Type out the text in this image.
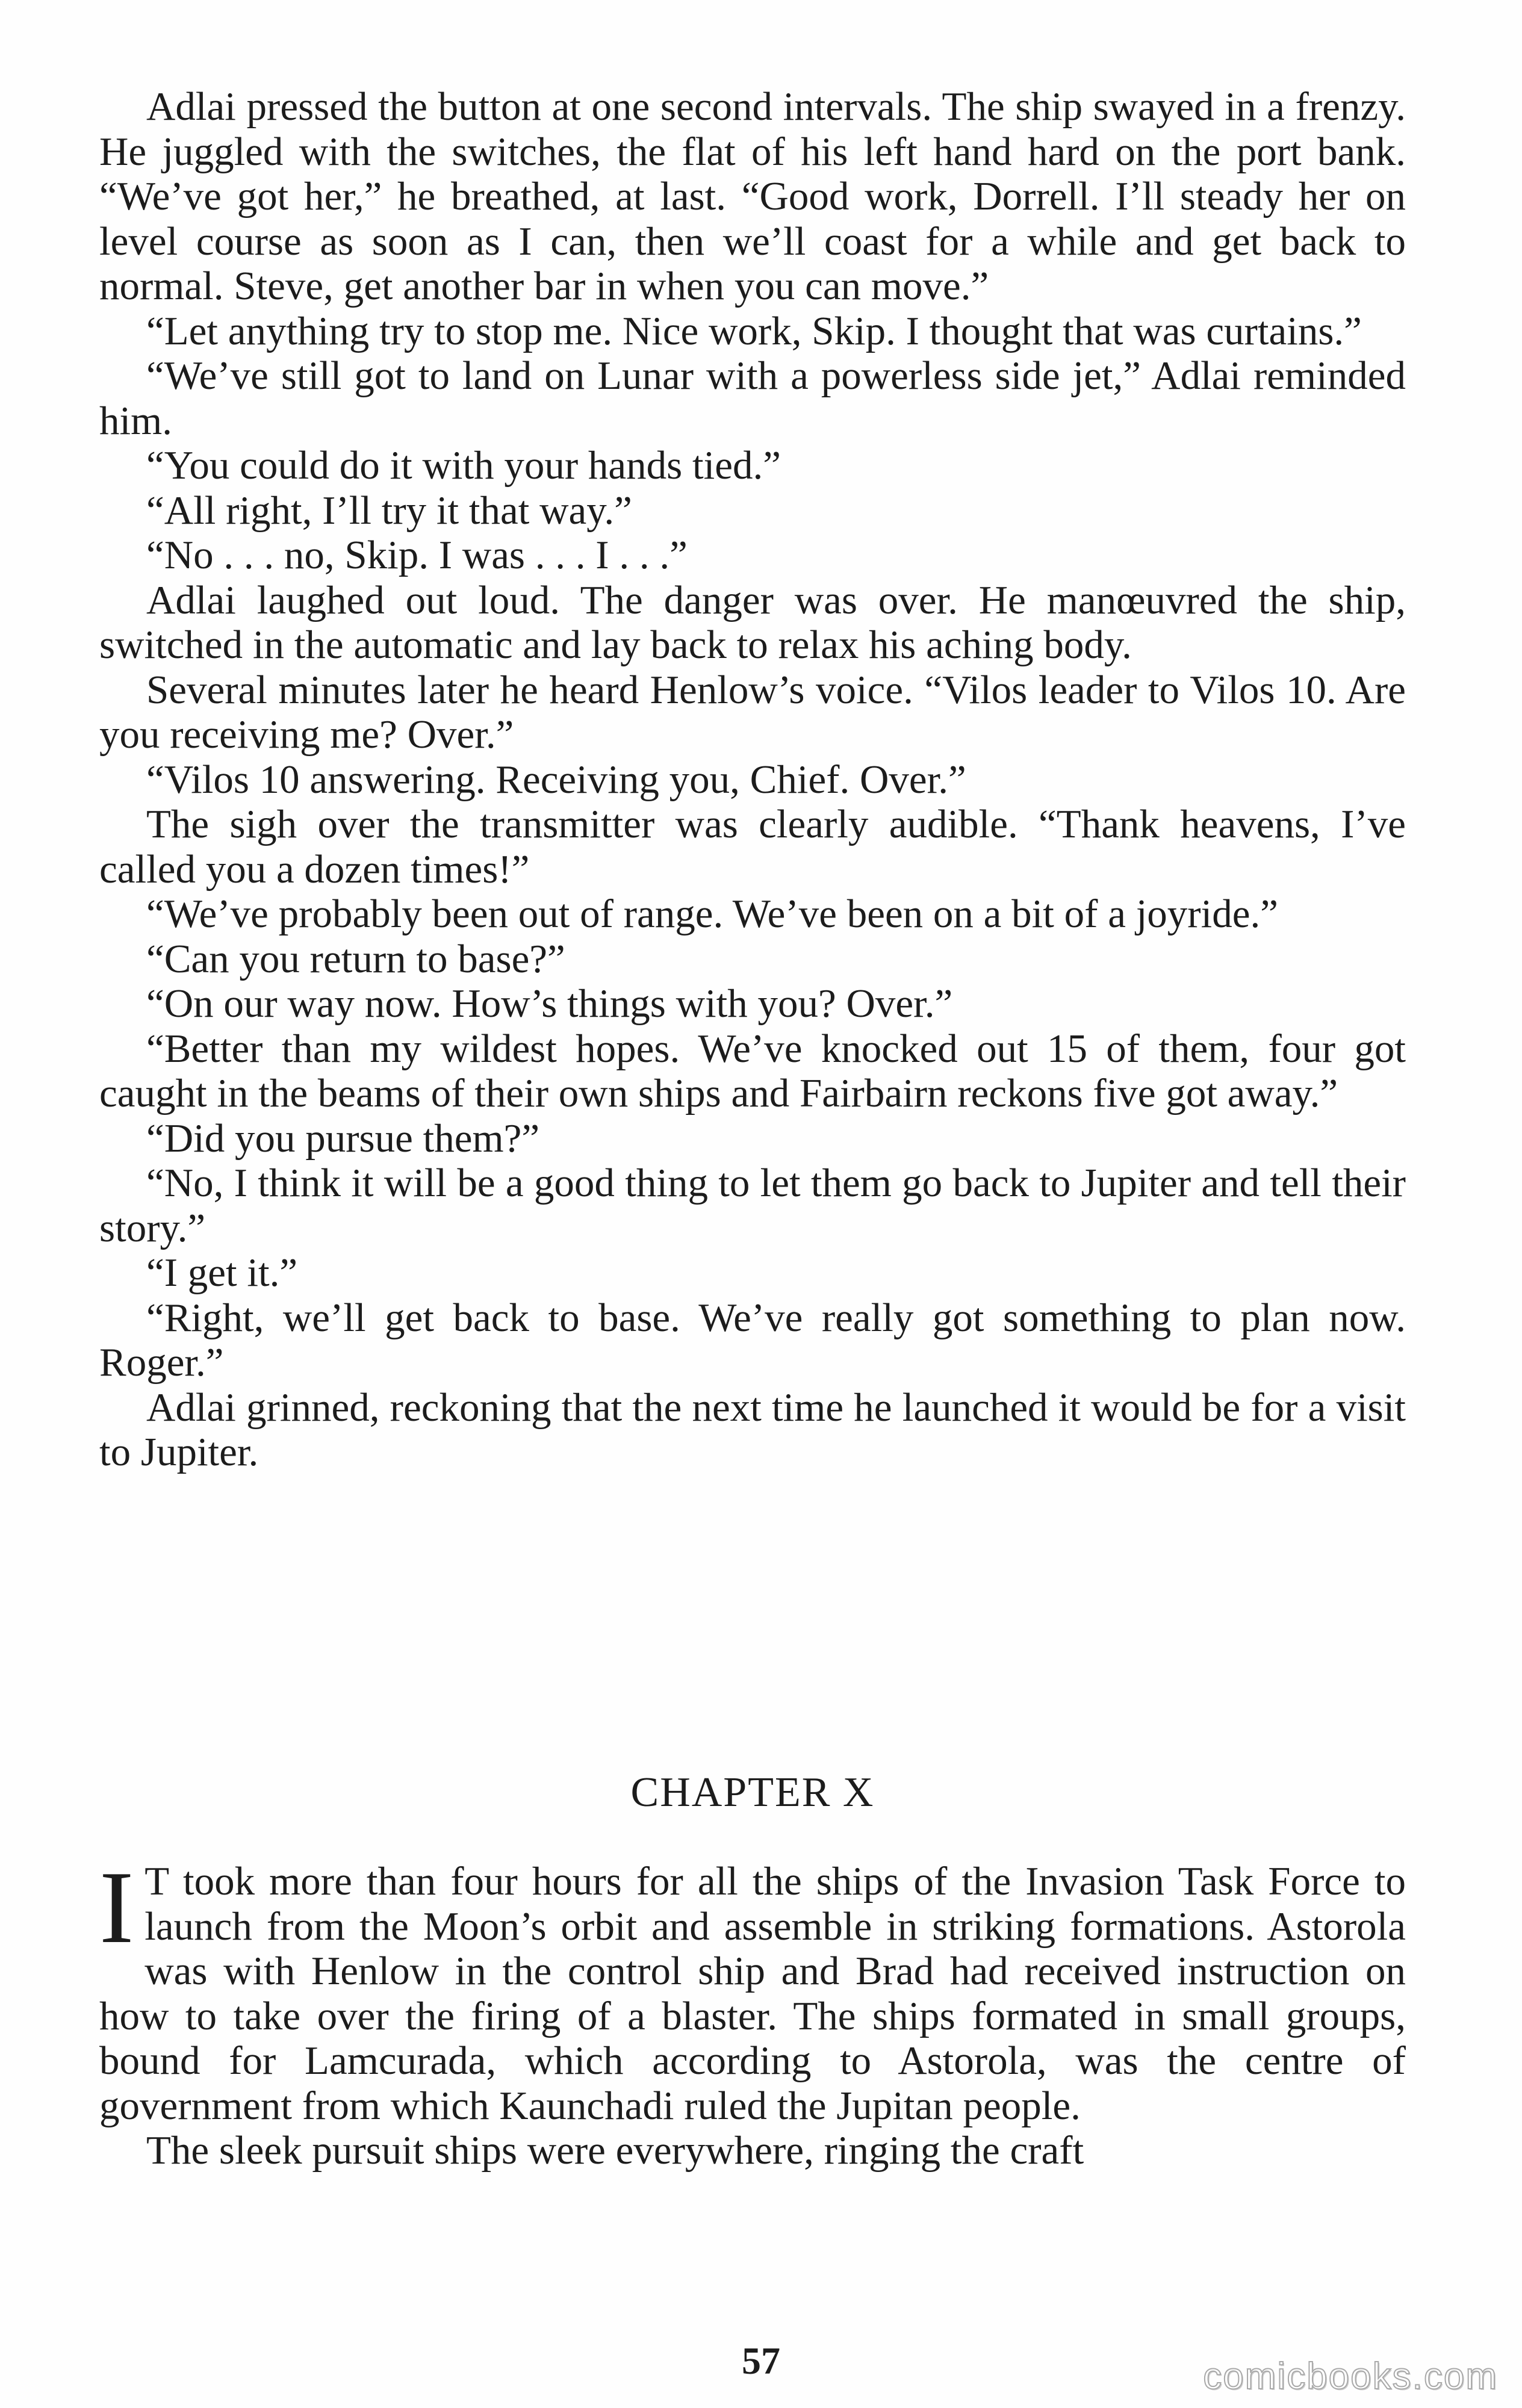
Adlai pressed the button at one second intervals. The ship swayed in a frenzy. He juggled with the switches, the flat of his left hand hard on the port bank. “We’ve got her,” he breathed, at last. “Good work, Dorrell. I’ll steady her on level course as soon as I can, then we’ll coast for a while and get back to normal. Steve, get another bar in when you can move.”

“Let anything try to stop me. Nice work, Skip. I thought that was curtains.”

“We’ve still got to land on Lunar with a powerless side jet,” Adlai reminded him.

“You could do it with your hands tied.”

“All right, I’ll try it that way.”

“No . . . no, Skip. I was . . . I . . .”

Adlai laughed out loud. The danger was over. He manœuvred the ship, switched in the automatic and lay back to relax his aching body.

Several minutes later he heard Henlow’s voice. “Vilos leader to Vilos 10. Are you receiving me? Over.”

“Vilos 10 answering. Receiving you, Chief. Over.”

The sigh over the transmitter was clearly audible. “Thank heavens, I’ve called you a dozen times!”

“We’ve probably been out of range. We’ve been on a bit of a joyride.”

“Can you return to base?”

“On our way now. How’s things with you? Over.”

“Better than my wildest hopes. We’ve knocked out 15 of them, four got caught in the beams of their own ships and Fairbairn reckons five got away.”

“Did you pursue them?”

“No, I think it will be a good thing to let them go back to Jupiter and tell their story.”

“I get it.”

“Right, we’ll get back to base. We’ve really got something to plan now. Roger.”

Adlai grinned, reckoning that the next time he launched it would be for a visit to Jupiter.

CHAPTER X

I T took more than four hours for all the ships of the Invasion Task Force to launch from the Moon’s orbit and assemble in striking formations. Astorola was with Henlow in the control ship and Brad had received instruction on how to take over the firing of a blaster. The ships formated in small groups, bound for Lamcurada, which according to Astorola, was the centre of government from which Kaunchadi ruled the Jupitan people.

The sleek pursuit ships were everywhere, ringing the craft

57	comicbooks.com
